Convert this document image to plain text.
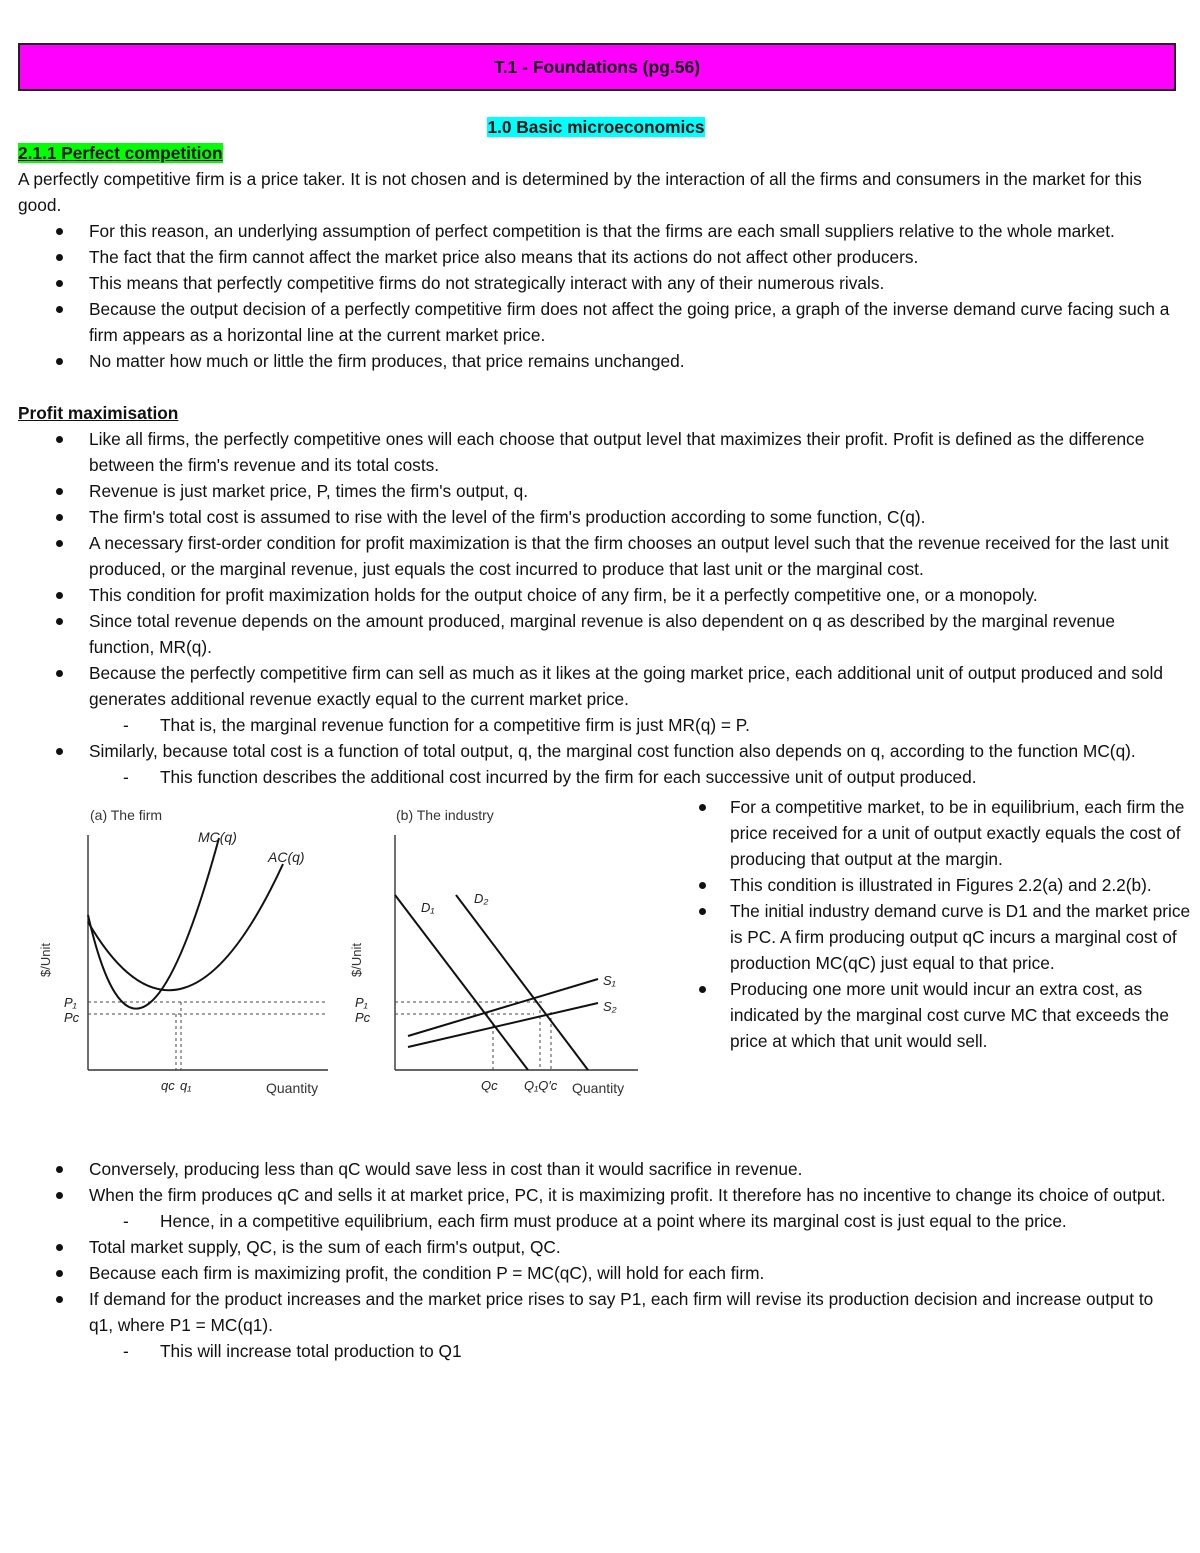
T.1 - Foundations (pg.56)

1.0 Basic microeconomics

2.1.1 Perfect competition

A perfectly competitive firm is a price taker. It is not chosen and is determined by the interaction of all the firms and consumers in the market for this good.

For this reason, an underlying assumption of perfect competition is that the firms are each small suppliers relative to the whole market.
The fact that the firm cannot affect the market price also means that its actions do not affect other producers.
This means that perfectly competitive firms do not strategically interact with any of their numerous rivals.
Because the output decision of a perfectly competitive firm does not affect the going price, a graph of the inverse demand curve facing such a firm appears as a horizontal line at the current market price.
No matter how much or little the firm produces, that price remains unchanged.

Profit maximisation

Like all firms, the perfectly competitive ones will each choose that output level that maximizes their profit. Profit is defined as the difference between the firm's revenue and its total costs.
Revenue is just market price, P, times the firm's output, q.
The firm's total cost is assumed to rise with the level of the firm's production according to some function, C(q).
A necessary first-order condition for profit maximization is that the firm chooses an output level such that the revenue received for the last unit produced, or the marginal revenue, just equals the cost incurred to produce that last unit or the marginal cost.
This condition for profit maximization holds for the output choice of any firm, be it a perfectly competitive one, or a monopoly.
Since total revenue depends on the amount produced, marginal revenue is also dependent on q as described by the marginal revenue function, MR(q).
Because the perfectly competitive firm can sell as much as it likes at the going market price, each additional unit of output produced and sold generates additional revenue exactly equal to the current market price.
- That is, the marginal revenue function for a competitive firm is just MR(q) = P.
Similarly, because total cost is a function of total output, q, the marginal cost function also depends on q, according to the function MC(q).
- This function describes the additional cost incurred by the firm for each successive unit of output produced.
(a) The firm
$/Unit
Quantity
MC(q)
AC(q)
P₁
Pᴄ
qᴄ q₁
(b) The industry
$/Unit
Quantity
D₁
D₂
S₁
S₂
P₁
Pᴄ
Qᴄ Q₁Q′ᴄ
For a competitive market, to be in equilibrium, each firm the price received for a unit of output exactly equals the cost of producing that output at the margin.
This condition is illustrated in Figures 2.2(a) and 2.2(b).
The initial industry demand curve is D1 and the market price is PC. A firm producing output qC incurs a marginal cost of production MC(qC) just equal to that price.
Producing one more unit would incur an extra cost, as indicated by the marginal cost curve MC that exceeds the price at which that unit would sell.
Conversely, producing less than qC would save less in cost than it would sacrifice in revenue.
When the firm produces qC and sells it at market price, PC, it is maximizing profit. It therefore has no incentive to change its choice of output.
- Hence, in a competitive equilibrium, each firm must produce at a point where its marginal cost is just equal to the price.
Total market supply, QC, is the sum of each firm's output, QC.
Because each firm is maximizing profit, the condition P = MC(qC), will hold for each firm.
If demand for the product increases and the market price rises to say P1, each firm will revise its production decision and increase output to q1, where P1 = MC(q1).
- This will increase total production to Q1
